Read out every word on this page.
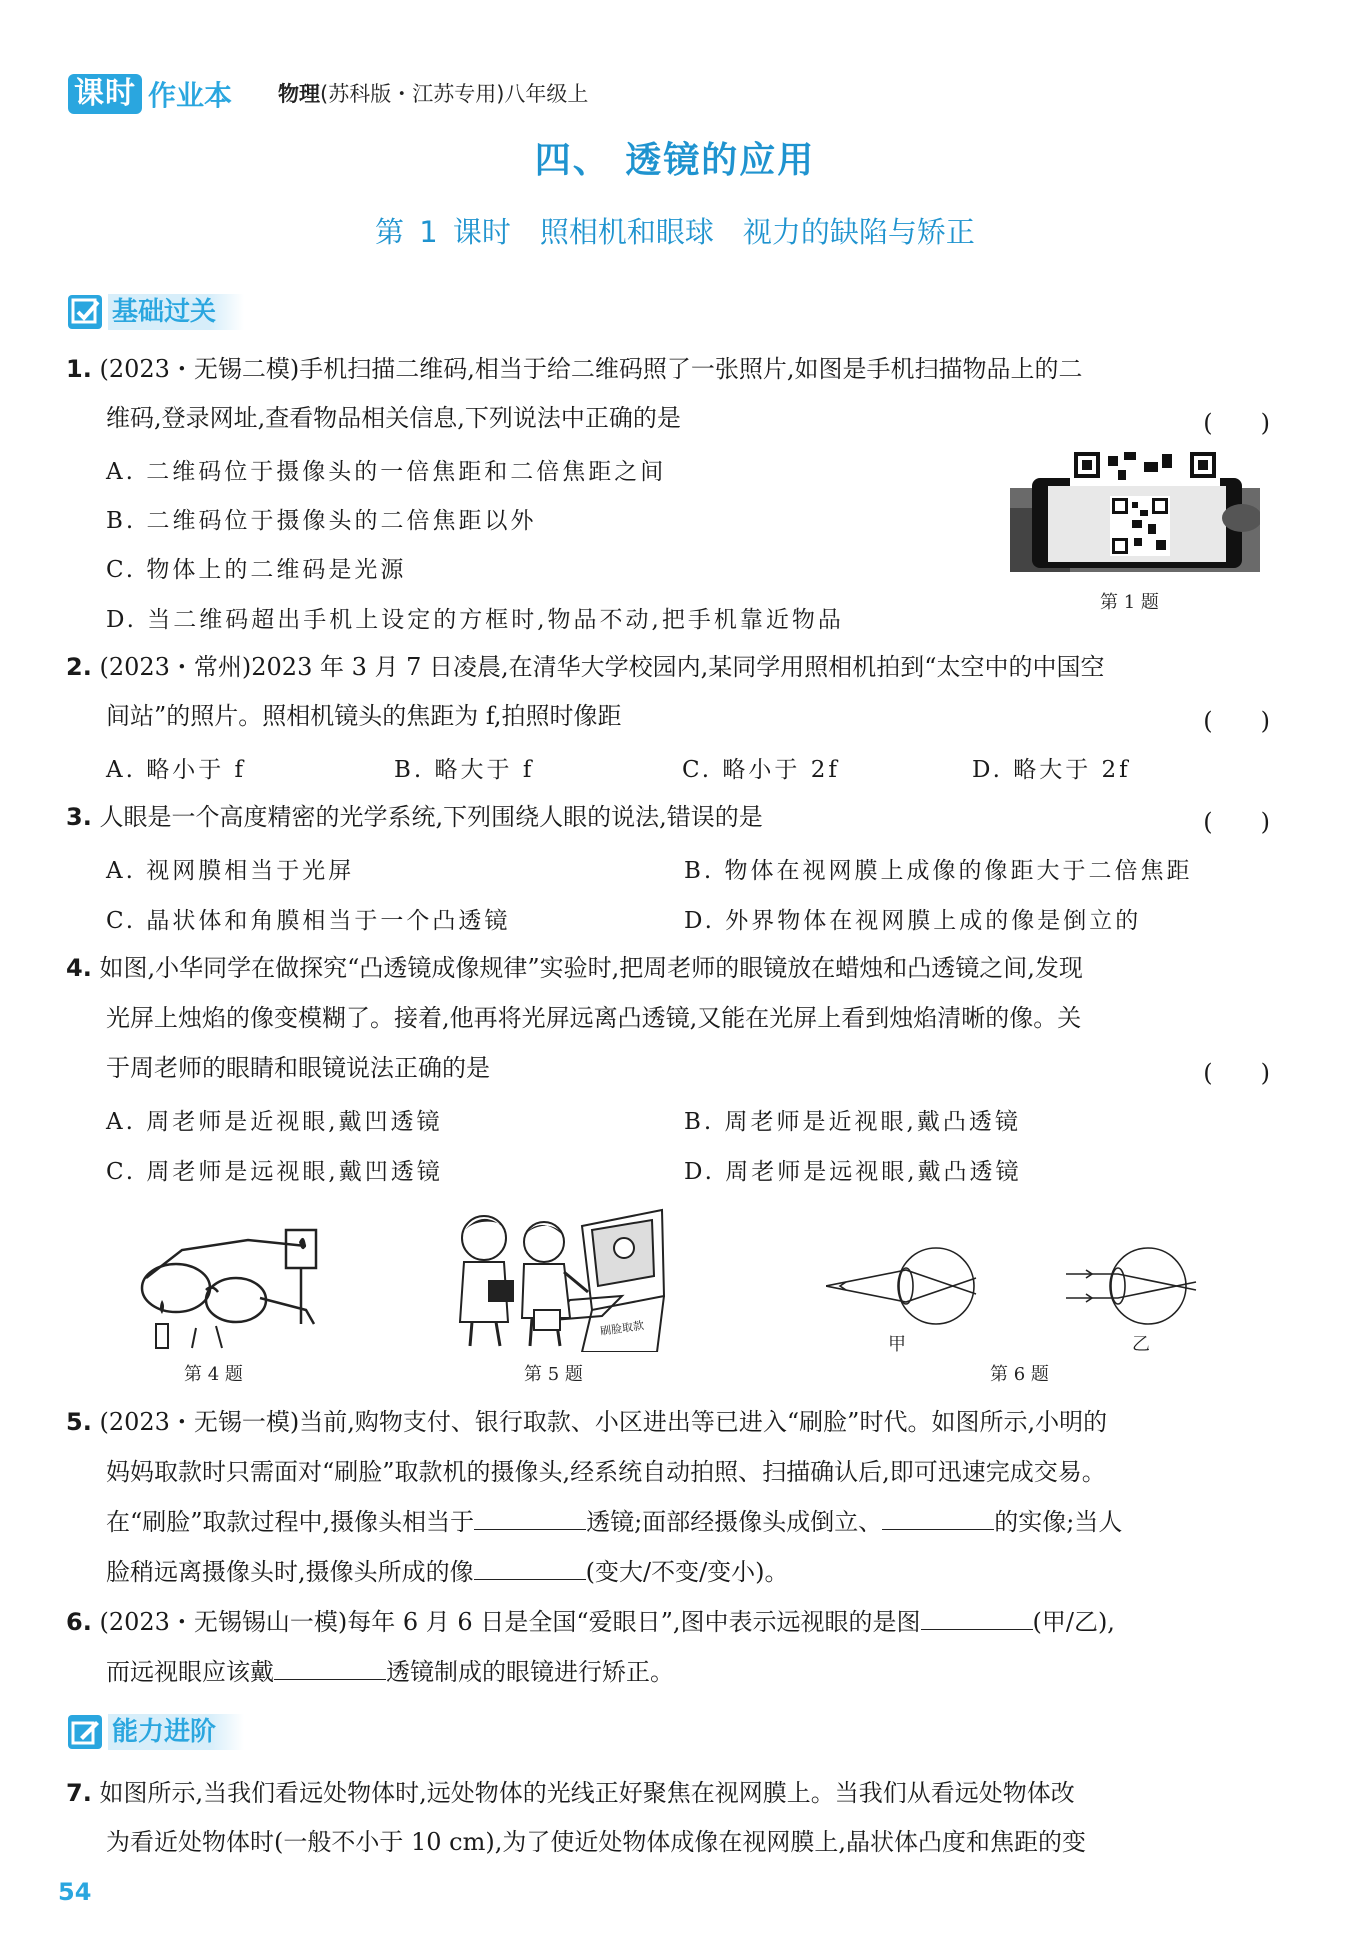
课时 作业本 物理(苏科版・江苏专用)八年级上
四、 透镜的应用
第 1 课时　照相机和眼球　视力的缺陷与矫正
基础过关
1. (2023・无锡二模)手机扫描二维码,相当于给二维码照了一张照片,如图是手机扫描物品上的二
维码,登录网址,查看物品相关信息,下列说法中正确的是	(　　)
A. 二维码位于摄像头的一倍焦距和二倍焦距之间
B. 二维码位于摄像头的二倍焦距以外
C. 物体上的二维码是光源
D. 当二维码超出手机上设定的方框时,物品不动,把手机靠近物品
第 1 题
2. (2023・常州)2023 年 3 月 7 日凌晨,在清华大学校园内,某同学用照相机拍到“太空中的中国空
间站”的照片。照相机镜头的焦距为 f,拍照时像距	(　　)
A. 略小于 f	B. 略大于 f	C. 略小于 2f	D. 略大于 2f
3. 人眼是一个高度精密的光学系统,下列围绕人眼的说法,错误的是	(　　)
A. 视网膜相当于光屏	B. 物体在视网膜上成像的像距大于二倍焦距
C. 晶状体和角膜相当于一个凸透镜	D. 外界物体在视网膜上成的像是倒立的
4. 如图,小华同学在做探究“凸透镜成像规律”实验时,把周老师的眼镜放在蜡烛和凸透镜之间,发现
光屏上烛焰的像变模糊了。接着,他再将光屏远离凸透镜,又能在光屏上看到烛焰清晰的像。关
于周老师的眼睛和眼镜说法正确的是	(　　)
A. 周老师是近视眼,戴凹透镜	B. 周老师是近视眼,戴凸透镜
C. 周老师是远视眼,戴凹透镜	D. 周老师是远视眼,戴凸透镜
第 4 题
刷脸取款
第 5 题
甲	乙
第 6 题
5. (2023・无锡一模)当前,购物支付、银行取款、小区进出等已进入“刷脸”时代。如图所示,小明的
妈妈取款时只需面对“刷脸”取款机的摄像头,经系统自动拍照、扫描确认后,即可迅速完成交易。
在“刷脸”取款过程中,摄像头相当于	透镜;面部经摄像头成倒立、	的实像;当人
脸稍远离摄像头时,摄像头所成的像	(变大/不变/变小)。
6. (2023・无锡锡山一模)每年 6 月 6 日是全国“爱眼日”,图中表示远视眼的是图	(甲/乙),
而远视眼应该戴	透镜制成的眼镜进行矫正。
能力进阶
7. 如图所示,当我们看远处物体时,远处物体的光线正好聚焦在视网膜上。当我们从看远处物体改
为看近处物体时(一般不小于 10 cm),为了使近处物体成像在视网膜上,晶状体凸度和焦距的变
54
